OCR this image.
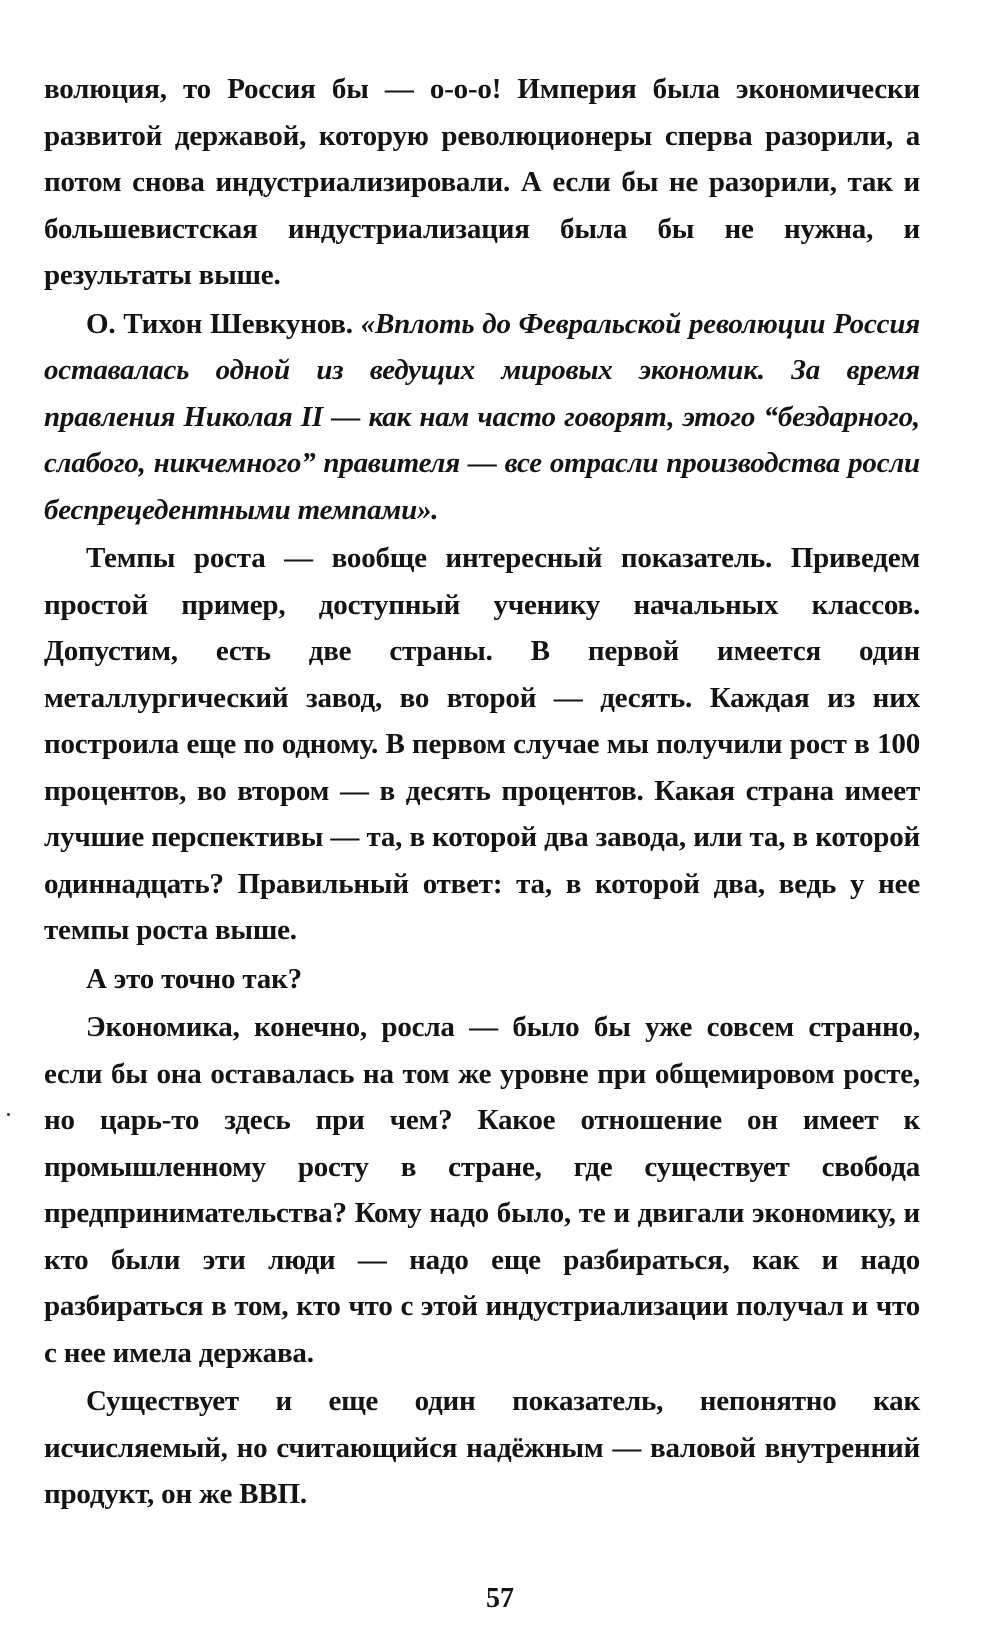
волюция, то Россия бы — о-о-о! Империя была экономически развитой державой, которую революционеры сперва разорили, а потом снова индустриализировали. А если бы не разорили, так и большевистская индустриализация была бы не нужна, и результаты выше.

О. Тихон Шевкунов. «Вплоть до Февральской революции Россия оставалась одной из ведущих мировых экономик. За время правления Николая II — как нам часто говорят, этого “бездарного, слабого, никчемного” правителя — все отрасли производства росли беспрецедентными темпами».

Темпы роста — вообще интересный показатель. Приведем простой пример, доступный ученику начальных классов. Допустим, есть две страны. В первой имеется один металлургический завод, во второй — десять. Каждая из них построила еще по одному. В первом случае мы получили рост в 100 процентов, во втором — в десять процентов. Какая страна имеет лучшие перспективы — та, в которой два завода, или та, в которой одиннадцать? Правильный ответ: та, в которой два, ведь у нее темпы роста выше.

А это точно так?

Экономика, конечно, росла — было бы уже совсем странно, если бы она оставалась на том же уровне при общемировом росте, но царь-то здесь при чем? Какое отношение он имеет к промышленному росту в стране, где существует свобода предпринимательства? Кому надо было, те и двигали экономику, и кто были эти люди — надо еще разбираться, как и надо разбираться в том, кто что с этой индустриализации получал и что с нее имела держава.

Существует и еще один показатель, непонятно как исчисляемый, но считающийся надёжным — валовой внутренний продукт, он же ВВП.

57
